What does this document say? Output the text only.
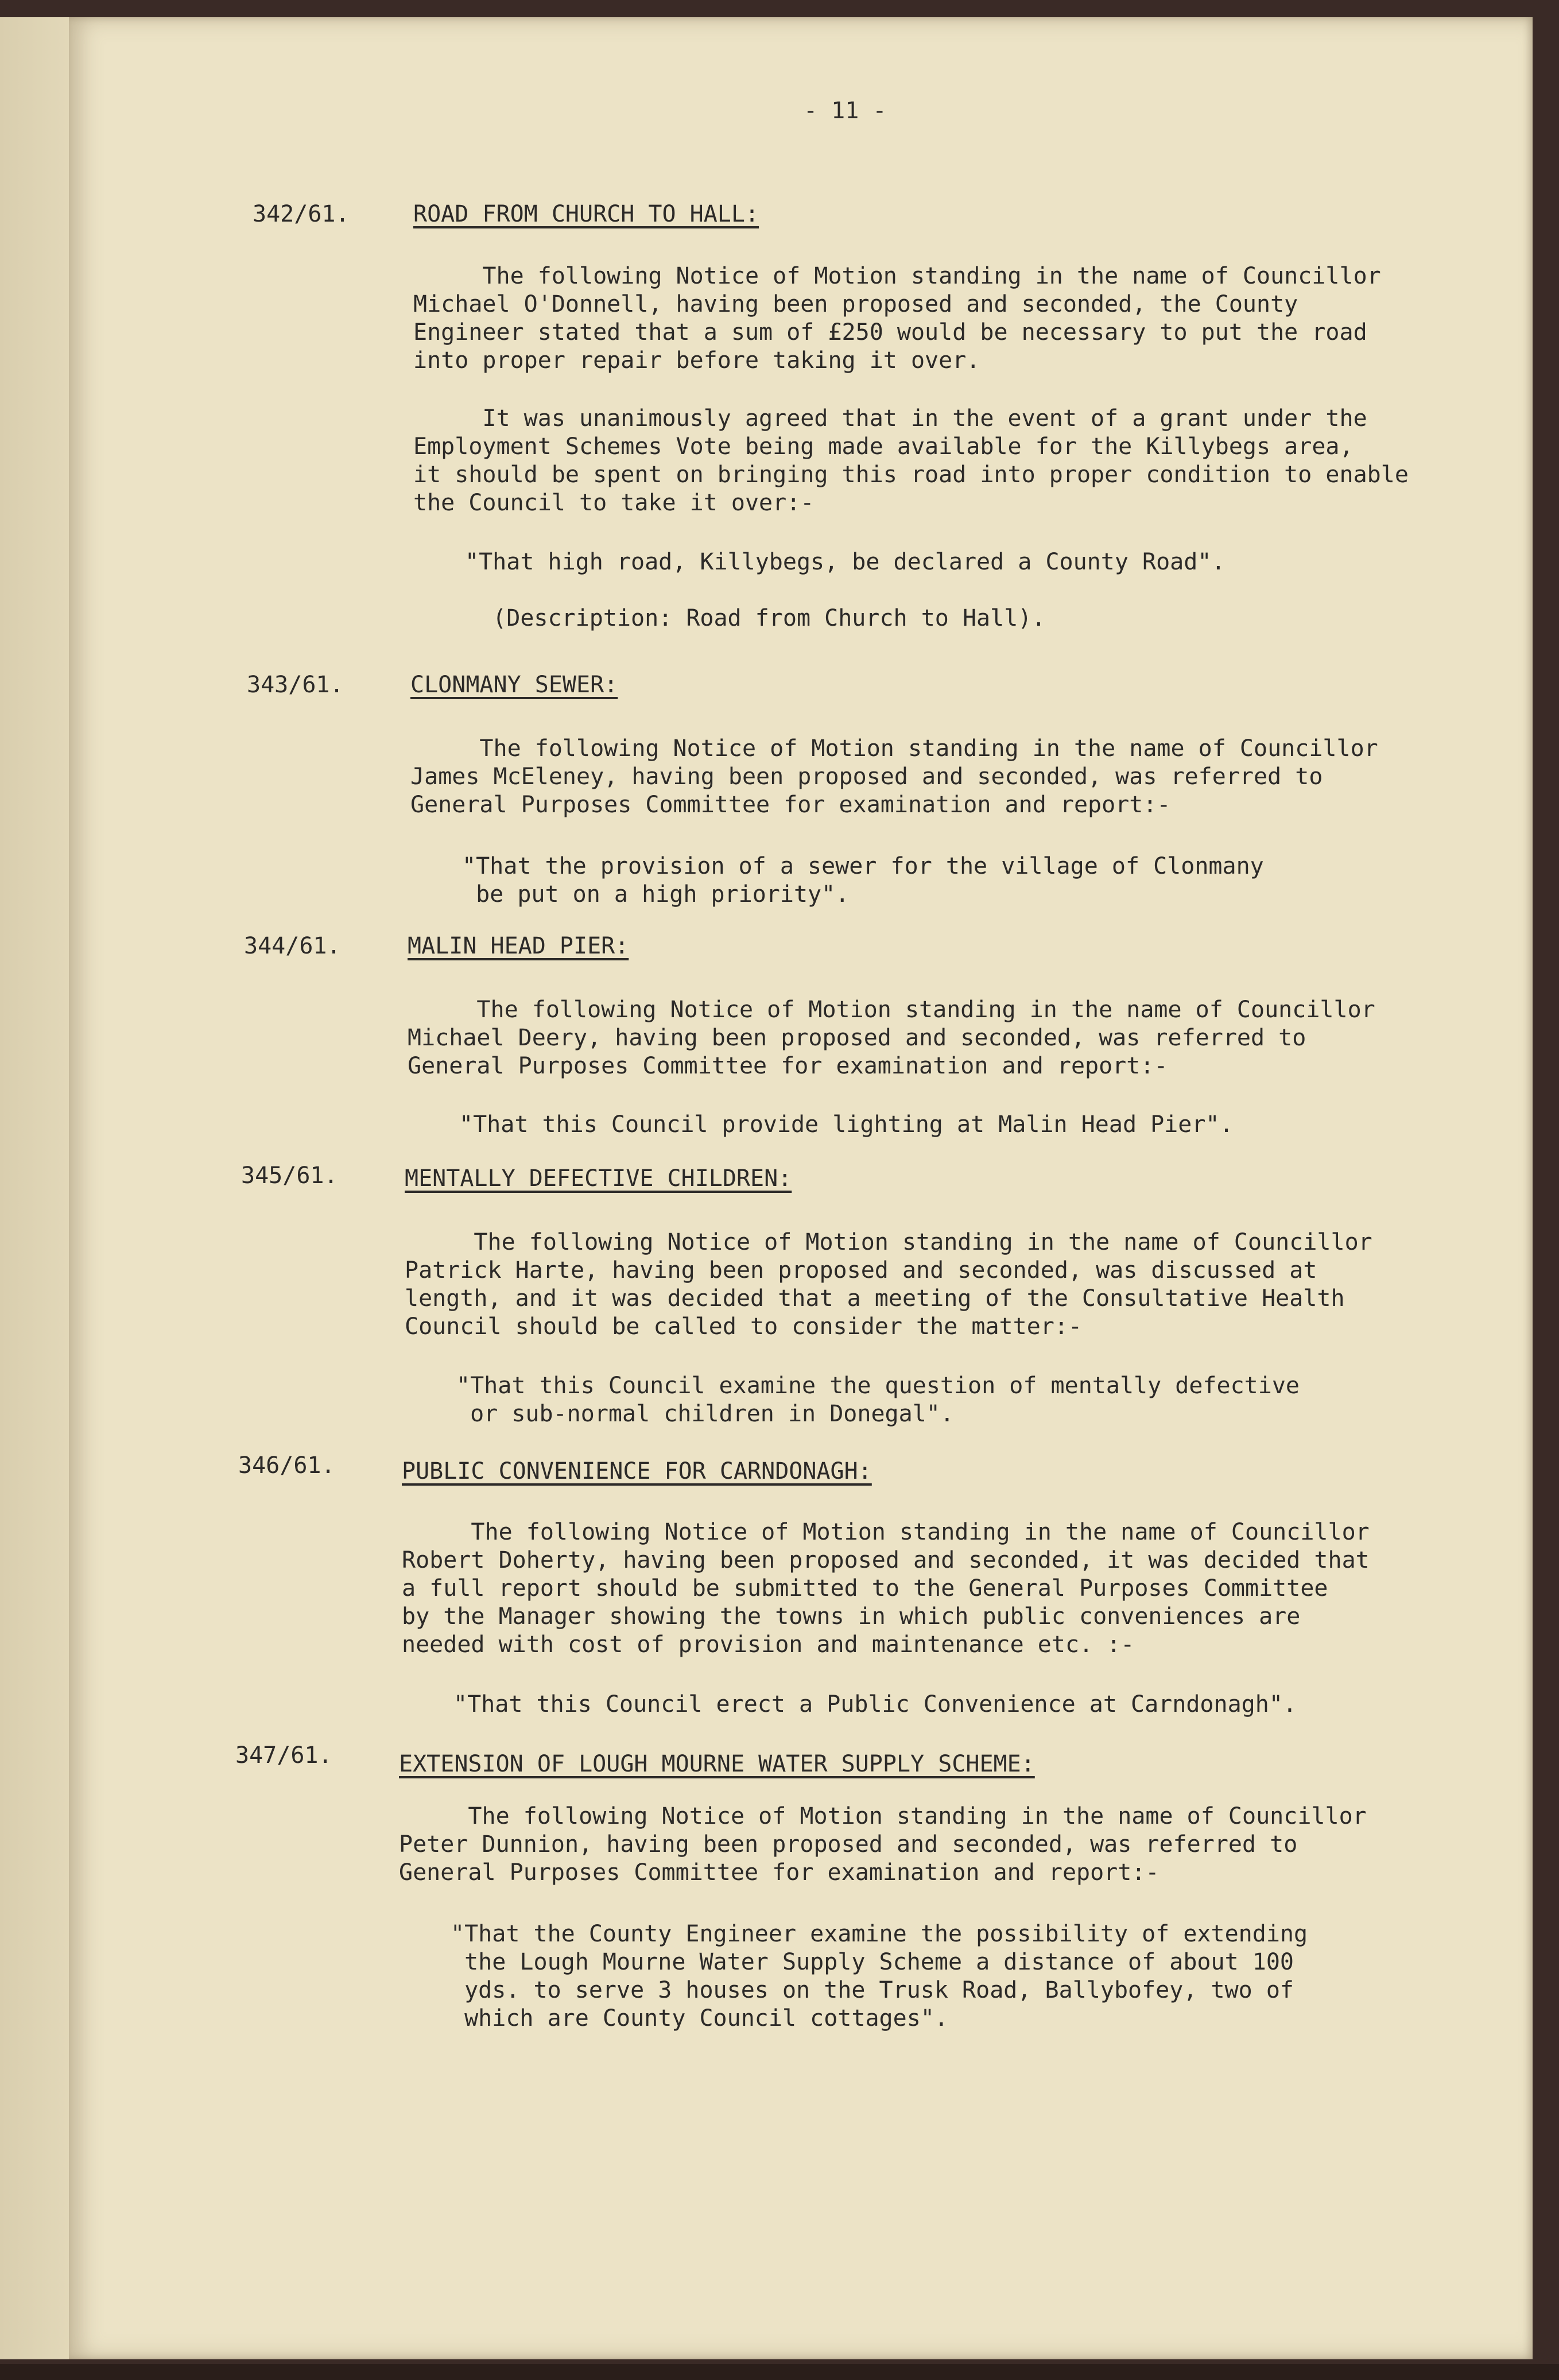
- 11 -
342/61.	ROAD FROM CHURCH TO HALL:
The following Notice of Motion standing in the name of Councillor
Michael O'Donnell, having been proposed and seconded, the County
Engineer stated that a sum of £250 would be necessary to put the road
into proper repair before taking it over.
It was unanimously agreed that in the event of a grant under the
Employment Schemes Vote being made available for the Killybegs area,
it should be spent on bringing this road into proper condition to enable
the Council to take it over:-
"That high road, Killybegs, be declared a County Road".

(Description: Road from Church to Hall).
343/61.	CLONMANY SEWER:
The following Notice of Motion standing in the name of Councillor
James McEleney, having been proposed and seconded, was referred to
General Purposes Committee for examination and report:-
"That the provision of a sewer for the village of Clonmany
be put on a high priority".
344/61.	MALIN HEAD PIER:
The following Notice of Motion standing in the name of Councillor
Michael Deery, having been proposed and seconded, was referred to
General Purposes Committee for examination and report:-
"That this Council provide lighting at Malin Head Pier".
345/61.	MENTALLY DEFECTIVE CHILDREN:
The following Notice of Motion standing in the name of Councillor
Patrick Harte, having been proposed and seconded, was discussed at
length, and it was decided that a meeting of the Consultative Health
Council should be called to consider the matter:-
"That this Council examine the question of mentally defective
or sub-normal children in Donegal".
346/61.	PUBLIC CONVENIENCE FOR CARNDONAGH:
The following Notice of Motion standing in the name of Councillor
Robert Doherty, having been proposed and seconded, it was decided that
a full report should be submitted to the General Purposes Committee
by the Manager showing the towns in which public conveniences are
needed with cost of provision and maintenance etc. :-
"That this Council erect a Public Convenience at Carndonagh".
347/61.	EXTENSION OF LOUGH MOURNE WATER SUPPLY SCHEME:
The following Notice of Motion standing in the name of Councillor
Peter Dunnion, having been proposed and seconded, was referred to
General Purposes Committee for examination and report:-
"That the County Engineer examine the possibility of extending
the Lough Mourne Water Supply Scheme a distance of about 100
yds. to serve 3 houses on the Trusk Road, Ballybofey, two of
which are County Council cottages".
